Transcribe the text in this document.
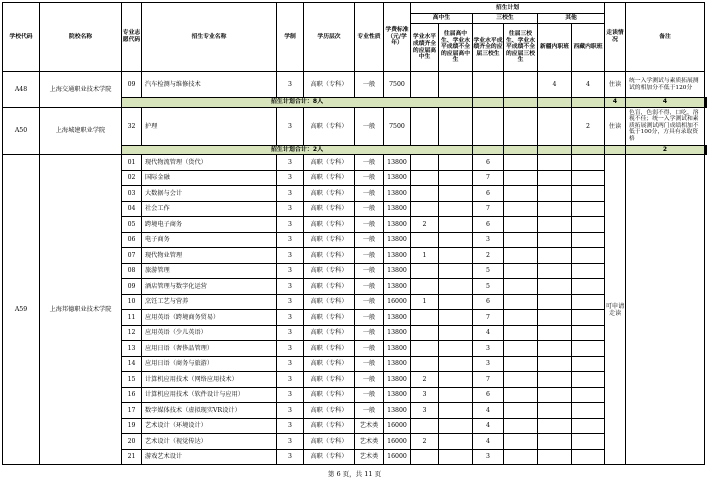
学校代码	院校名称	专业志愿代码	招生专业名称	学制	学历层次	专业性质	学费标准（元/学年）	招生计划						走读情况	备注	
								高中生		三校生		其他				
								学业水平成绩齐全的应届高中生	往届高中生、学业水平成绩不全的应届高中生	学业水平成绩齐全的应届三校生	往届三校生、学业水平成绩不全的应届三校生	新疆内职班	西藏内职班			
A48	上海交通职业技术学院	09	汽车检测与维修技术	3	高职（专科）	一般	7500					4	4	住读	统一入学测试与素质拓展测试的相加分不低于120分	
		招生计划合计：8人												4	4		
A50	上海城建职业学院	32	护理	3	高职（专科）	一般	7500						2	住读	色盲，色弱不得，口吃，溶视不佳；统一入学测试和素质拓展测试两门成绩相加不低于100分，方具有录取资格	
		招生计划合计：2人													2		
A59	上海邦德职业技术学院	01	现代物流管理（货代）	3	高职（专科）	一般	13800			6				可申请走读		
		02	国际金融	3	高职（专科）	一般	13800			7						
		03	大数据与会计	3	高职（专科）	一般	13800			6						
		04	社会工作	3	高职（专科）	一般	13800			7						
		05	跨境电子商务	3	高职（专科）	一般	13800	2		6						
		06	电子商务	3	高职（专科）	一般	13800			3						
		07	现代物业管理	3	高职（专科）	一般	13800	1		2						
		08	旅游管理	3	高职（专科）	一般	13800			5						
		09	酒店管理与数字化运营	3	高职（专科）	一般	13800			5						
		10	烹饪工艺与营养	3	高职（专科）	一般	16000	1		6						
		11	应用英语（跨境商务贸易）	3	高职（专科）	一般	13800			7						
		12	应用英语（少儿英语）	3	高职（专科）	一般	13800			4						
		13	应用日语（奢侈品管理）	3	高职（专科）	一般	13800			3						
		14	应用日语（商务与旅游）	3	高职（专科）	一般	13800			3						
		15	计算机应用技术（网络应用技术）	3	高职（专科）	一般	13800	2		7						
		16	计算机应用技术（软件设计与应用）	3	高职（专科）	一般	13800	3		6						
		17	数字媒体技术（虚拟现实VR设计）	3	高职（专科）	一般	13800	3		4						
		19	艺术设计（环境设计）	3	高职（专科）	艺术类	16000			4						
		20	艺术设计（视觉传达）	3	高职（专科）	艺术类	16000	2		4						
		21	游戏艺术设计	3	高职（专科）	艺术类	16000			3						
第 6 页，共 11 页
